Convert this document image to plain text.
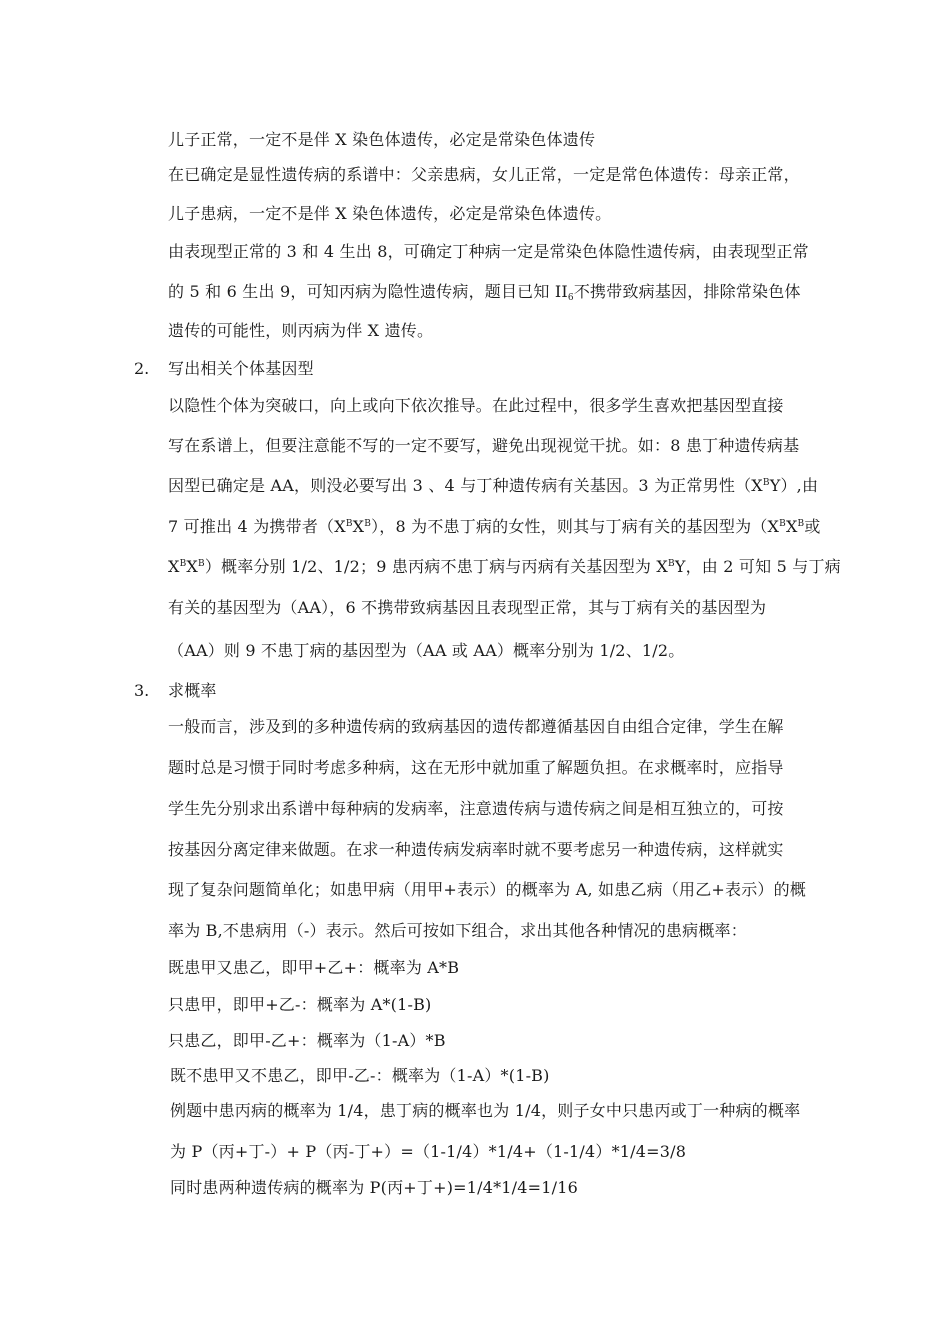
儿子正常，一定不是伴 X 染色体遗传，必定是常染色体遗传
在已确定是显性遗传病的系谱中：父亲患病，女儿正常，一定是常色体遗传：母亲正常，
儿子患病，一定不是伴 X 染色体遗传，必定是常染色体遗传。
由表现型正常的 3 和 4 生出 8，可确定丁种病一定是常染色体隐性遗传病，由表现型正常
的 5 和 6 生出 9，可知丙病为隐性遗传病，题目已知 $II_6$不携带致病基因，排除常染色体
遗传的可能性，则丙病为伴 X 遗传。
2. 写出相关个体基因型
以隐性个体为突破口，向上或向下依次推导。在此过程中，很多学生喜欢把基因型直接
写在系谱上，但要注意能不写的一定不要写，避免出现视觉干扰。如：8 患丁种遗传病基
因型已确定是 AA，则没必要写出 3 、4 与丁种遗传病有关基因。3 为正常男性$(X^BY)$,由
7 可推出 4 为携带者$(X^BX^B)$，8 为不患丁病的女性，则其与丁病有关的基因型为（$X^BX^B$或
$X^BX^B$）概率分别 1/2、1/2；9 患丙病不患丁病与丙病有关基因型为 $X^BY$，由 2 可知 5 与丁病
有关的基因型为（AA），6 不携带致病基因且表现型正常，其与丁病有关的基因型为
（AA）则 9 不患丁病的基因型为（AA 或 AA）概率分别为 1/2、1/2。
3. 求概率
一般而言，涉及到的多种遗传病的致病基因的遗传都遵循基因自由组合定律，学生在解
题时总是习惯于同时考虑多种病，这在无形中就加重了解题负担。在求概率时，应指导
学生先分别求出系谱中每种病的发病率，注意遗传病与遗传病之间是相互独立的，可按
按基因分离定律来做题。在求一种遗传病发病率时就不要考虑另一种遗传病，这样就实
现了复杂问题简单化；如患甲病（用甲+表示）的概率为 A, 如患乙病（用乙+表示）的概
率为 B,不患病用（-）表示。然后可按如下组合，求出其他各种情况的患病概率：
既患甲又患乙，即甲+乙+：概率为 A*B
只患甲，即甲+乙-：概率为 A*(1-B)
只患乙，即甲-乙+：概率为（1-A）*B
既不患甲又不患乙，即甲-乙-：概率为（1-A）*(1-B)
例题中患丙病的概率为 1/4，患丁病的概率也为 1/4，则子女中只患丙或丁一种病的概率
为 P（丙+丁-）+ P（丙-丁+）=（1-1/4）*1/4+（1-1/4）*1/4=3/8
同时患两种遗传病的概率为 P(丙+丁+)=1/4*1/4=1/16
